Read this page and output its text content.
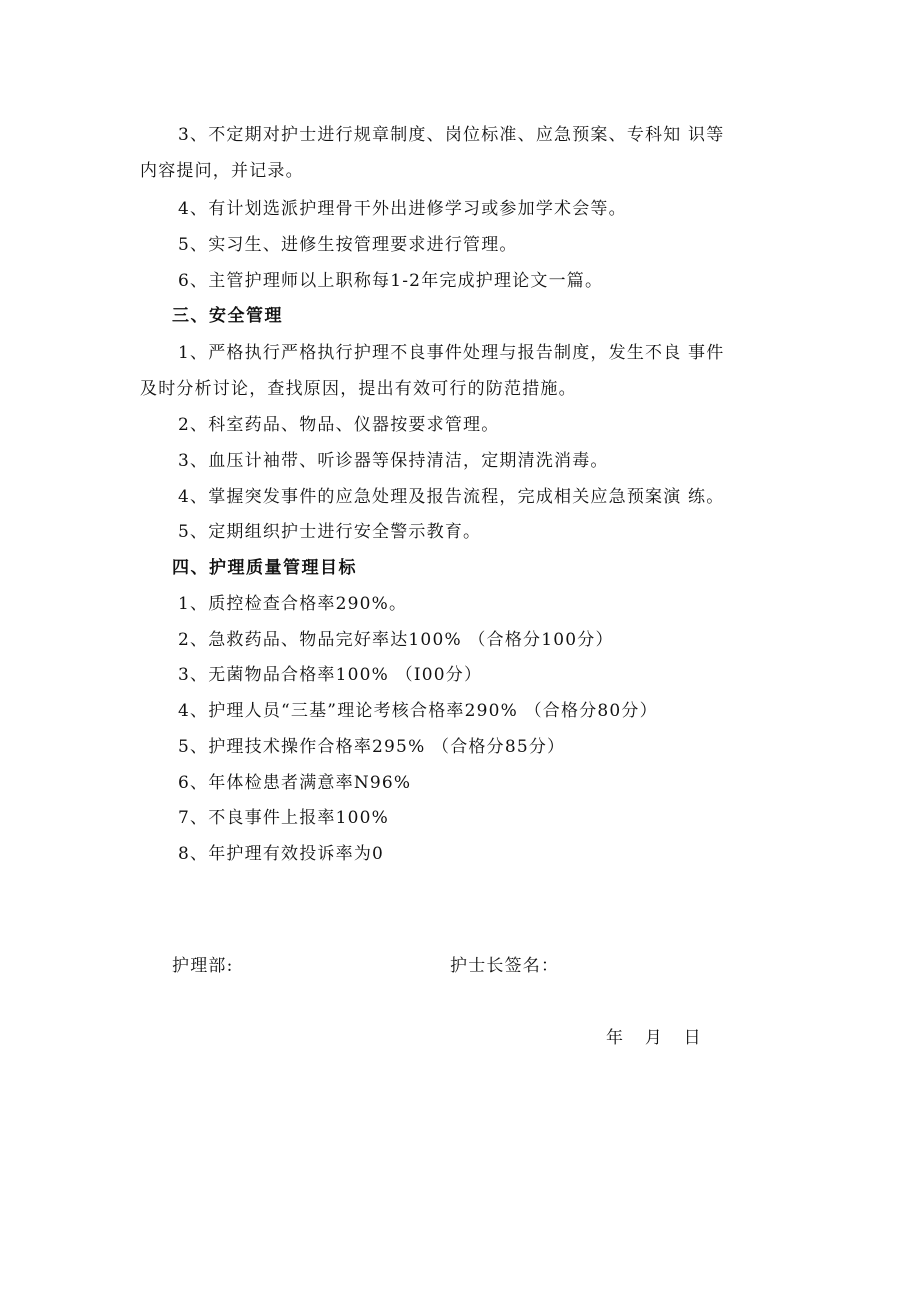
3、不定期对护士进行规章制度、岗位标准、应急预案、专科知 识等
内容提问，并记录。
4、有计划选派护理骨干外出进修学习或参加学术会等。
5、实习生、进修生按管理要求进行管理。
6、主管护理师以上职称每1-2年完成护理论文一篇。
三、安全管理
1、严格执行严格执行护理不良事件处理与报告制度，发生不良 事件
及时分析讨论，查找原因，提出有效可行的防范措施。
2、科室药品、物品、仪器按要求管理。
3、血压计袖带、听诊器等保持清洁，定期清洗消毒。
4、掌握突发事件的应急处理及报告流程，完成相关应急预案演 练。
5、定期组织护士进行安全警示教育。
四、护理质量管理目标
1、质控检查合格率290%。
2、急救药品、物品完好率达100% （合格分100分）
3、无菌物品合格率100% （I00分）
4、护理人员“三基”理论考核合格率290% （合格分80分）
5、护理技术操作合格率295% （合格分85分）
6、年体检患者满意率N96%
7、不良事件上报率100%
8、年护理有效投诉率为0
护理部:	护士长签名：
年 月 日
